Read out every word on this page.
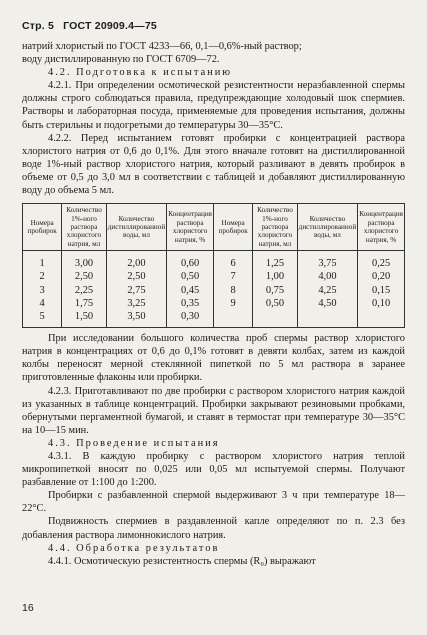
Стр. 5 ГОСТ 20909.4—75

натрий хлористый по ГОСТ 4233—66, 0,1—0,6%-ный раствор;

воду дистиллированную по ГОСТ 6709—72.

4.2. Подготовка к испытанию

4.2.1. При определении осмотической резистентности неразбавленной спермы должны строго соблюдаться правила, предупреждающие холодовый шок спермиев. Растворы и лабораторная посуда, применяемые для проведения испытания, должны быть стерильны и подогретыми до температуры 30—35°С.

4.2.2. Перед испытанием готовят пробирки с концентрацией раствора хлористого натрия от 0,6 до 0,1%. Для этого вначале готовят на дистиллированной воде 1%-ный раствор хлористого натрия, который разливают в девять пробирок в объеме от 0,5 до 3,0 мл в соответствии с таблицей и добавляют дистиллированную воду до объема 5 мл.

Номера пробирок	Количество 1%-ного раствора хлористого натрия, мл	Количество дистиллированной воды, мл	Концентрация раствора хлористого натрия, %	Номера пробирок	Количество 1%-ного раствора хлористого натрия, мл	Количество дистиллированной воды, мл	Концентрация раствора хлористого натрия, %
1	3,00	2,00	0,60	6	1,25	3,75	0,25
2	2,50	2,50	0,50	7	1,00	4,00	0,20
3	2,25	2,75	0,45	8	0,75	4,25	0,15
4	1,75	3,25	0,35	9	0,50	4,50	0,10
5	1,50	3,50	0,30				

При исследовании большого количества проб спермы раствор хлористого натрия в концентрациях от 0,6 до 0,1% готовят в девяти колбах, затем из каждой колбы переносят мерной стеклянной пипеткой по 5 мл раствора в заранее приготовленные флаконы или пробирки.

4.2.3. Приготавливают по две пробирки с раствором хлористого натрия каждой из указанных в таблице концентраций. Пробирки закрывают резиновыми пробками, обернутыми пергаментной бумагой, и ставят в термостат при температуре 30—35°С на 10—15 мин.

4.3. Проведение испытания

4.3.1. В каждую пробирку с раствором хлористого натрия теплой микропипеткой вносят по 0,025 или 0,05 мл испытуемой спермы. Получают разбавление от 1:100 до 1:200.

Пробирки с разбавленной спермой выдерживают 3 ч при температуре 18—22°С.

Подвижность спермиев в раздавленной капле определяют по п. 2.3 без добавления раствора лимоннокислого натрия.

4.4. Обработка результатов

4.4.1. Осмотическую резистентность спермы (R₀) выражают

16
